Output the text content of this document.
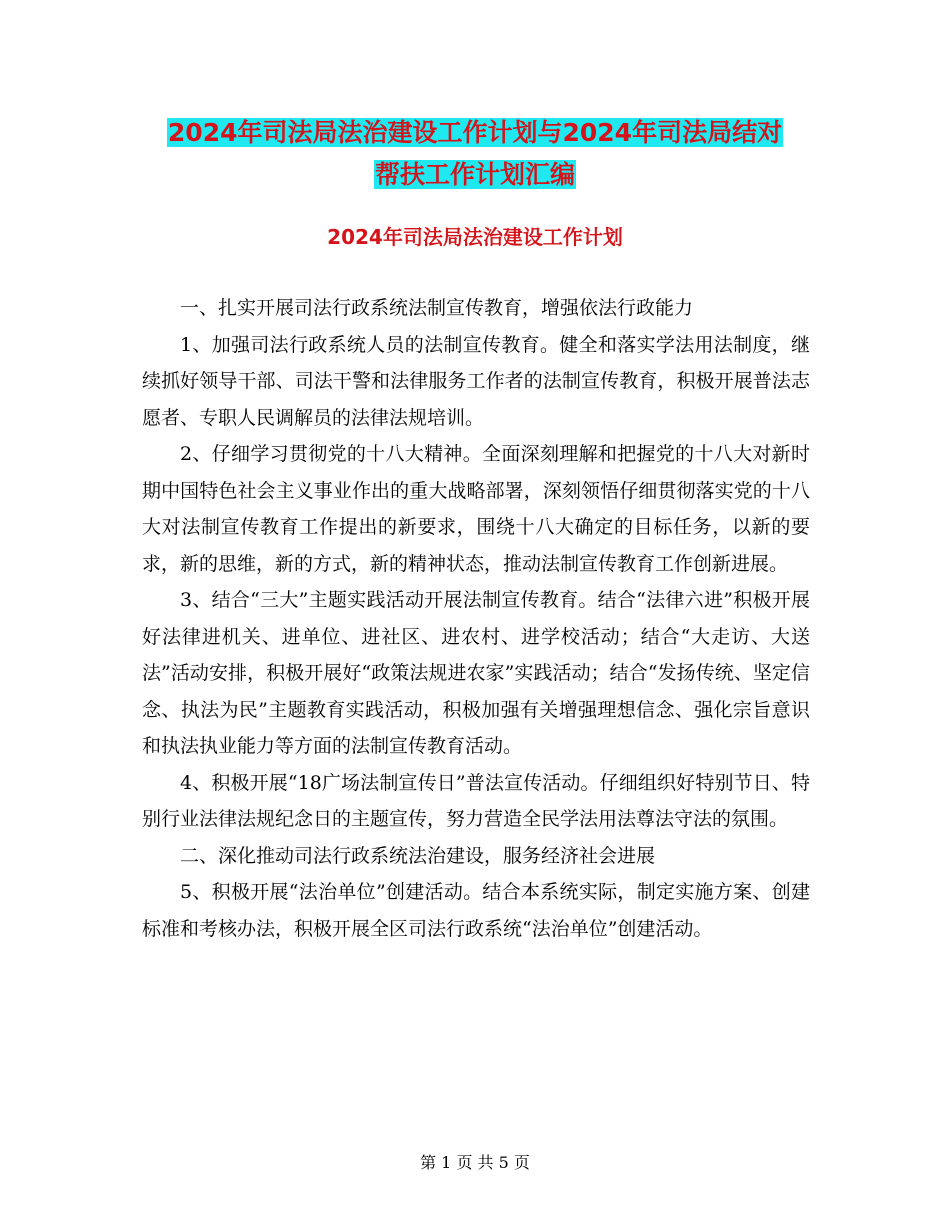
2024年司法局法治建设工作计划与2024年司法局结对
帮扶工作计划汇编
2024年司法局法治建设工作计划

一、扎实开展司法行政系统法制宣传教育，增强依法行政能力

1、加强司法行政系统人员的法制宣传教育。健全和落实学法用法制度，继续抓好领导干部、司法干警和法律服务工作者的法制宣传教育，积极开展普法志愿者、专职人民调解员的法律法规培训。

2、仔细学习贯彻党的十八大精神。全面深刻理解和把握党的十八大对新时期中国特色社会主义事业作出的重大战略部署，深刻领悟仔细贯彻落实党的十八大对法制宣传教育工作提出的新要求，围绕十八大确定的目标任务，以新的要求，新的思维，新的方式，新的精神状态，推动法制宣传教育工作创新进展。

3、结合“三大”主题实践活动开展法制宣传教育。结合“法律六进”积极开展好法律进机关、进单位、进社区、进农村、进学校活动；结合“大走访、大送法”活动安排，积极开展好“政策法规进农家”实践活动；结合“发扬传统、坚定信念、执法为民”主题教育实践活动，积极加强有关增强理想信念、强化宗旨意识和执法执业能力等方面的法制宣传教育活动。

4、积极开展“18广场法制宣传日”普法宣传活动。仔细组织好特别节日、特别行业法律法规纪念日的主题宣传，努力营造全民学法用法尊法守法的氛围。

二、深化推动司法行政系统法治建设，服务经济社会进展

5、积极开展“法治单位”创建活动。结合本系统实际，制定实施方案、创建标准和考核办法，积极开展全区司法行政系统“法治单位”创建活动。

第 1 页 共 5 页
